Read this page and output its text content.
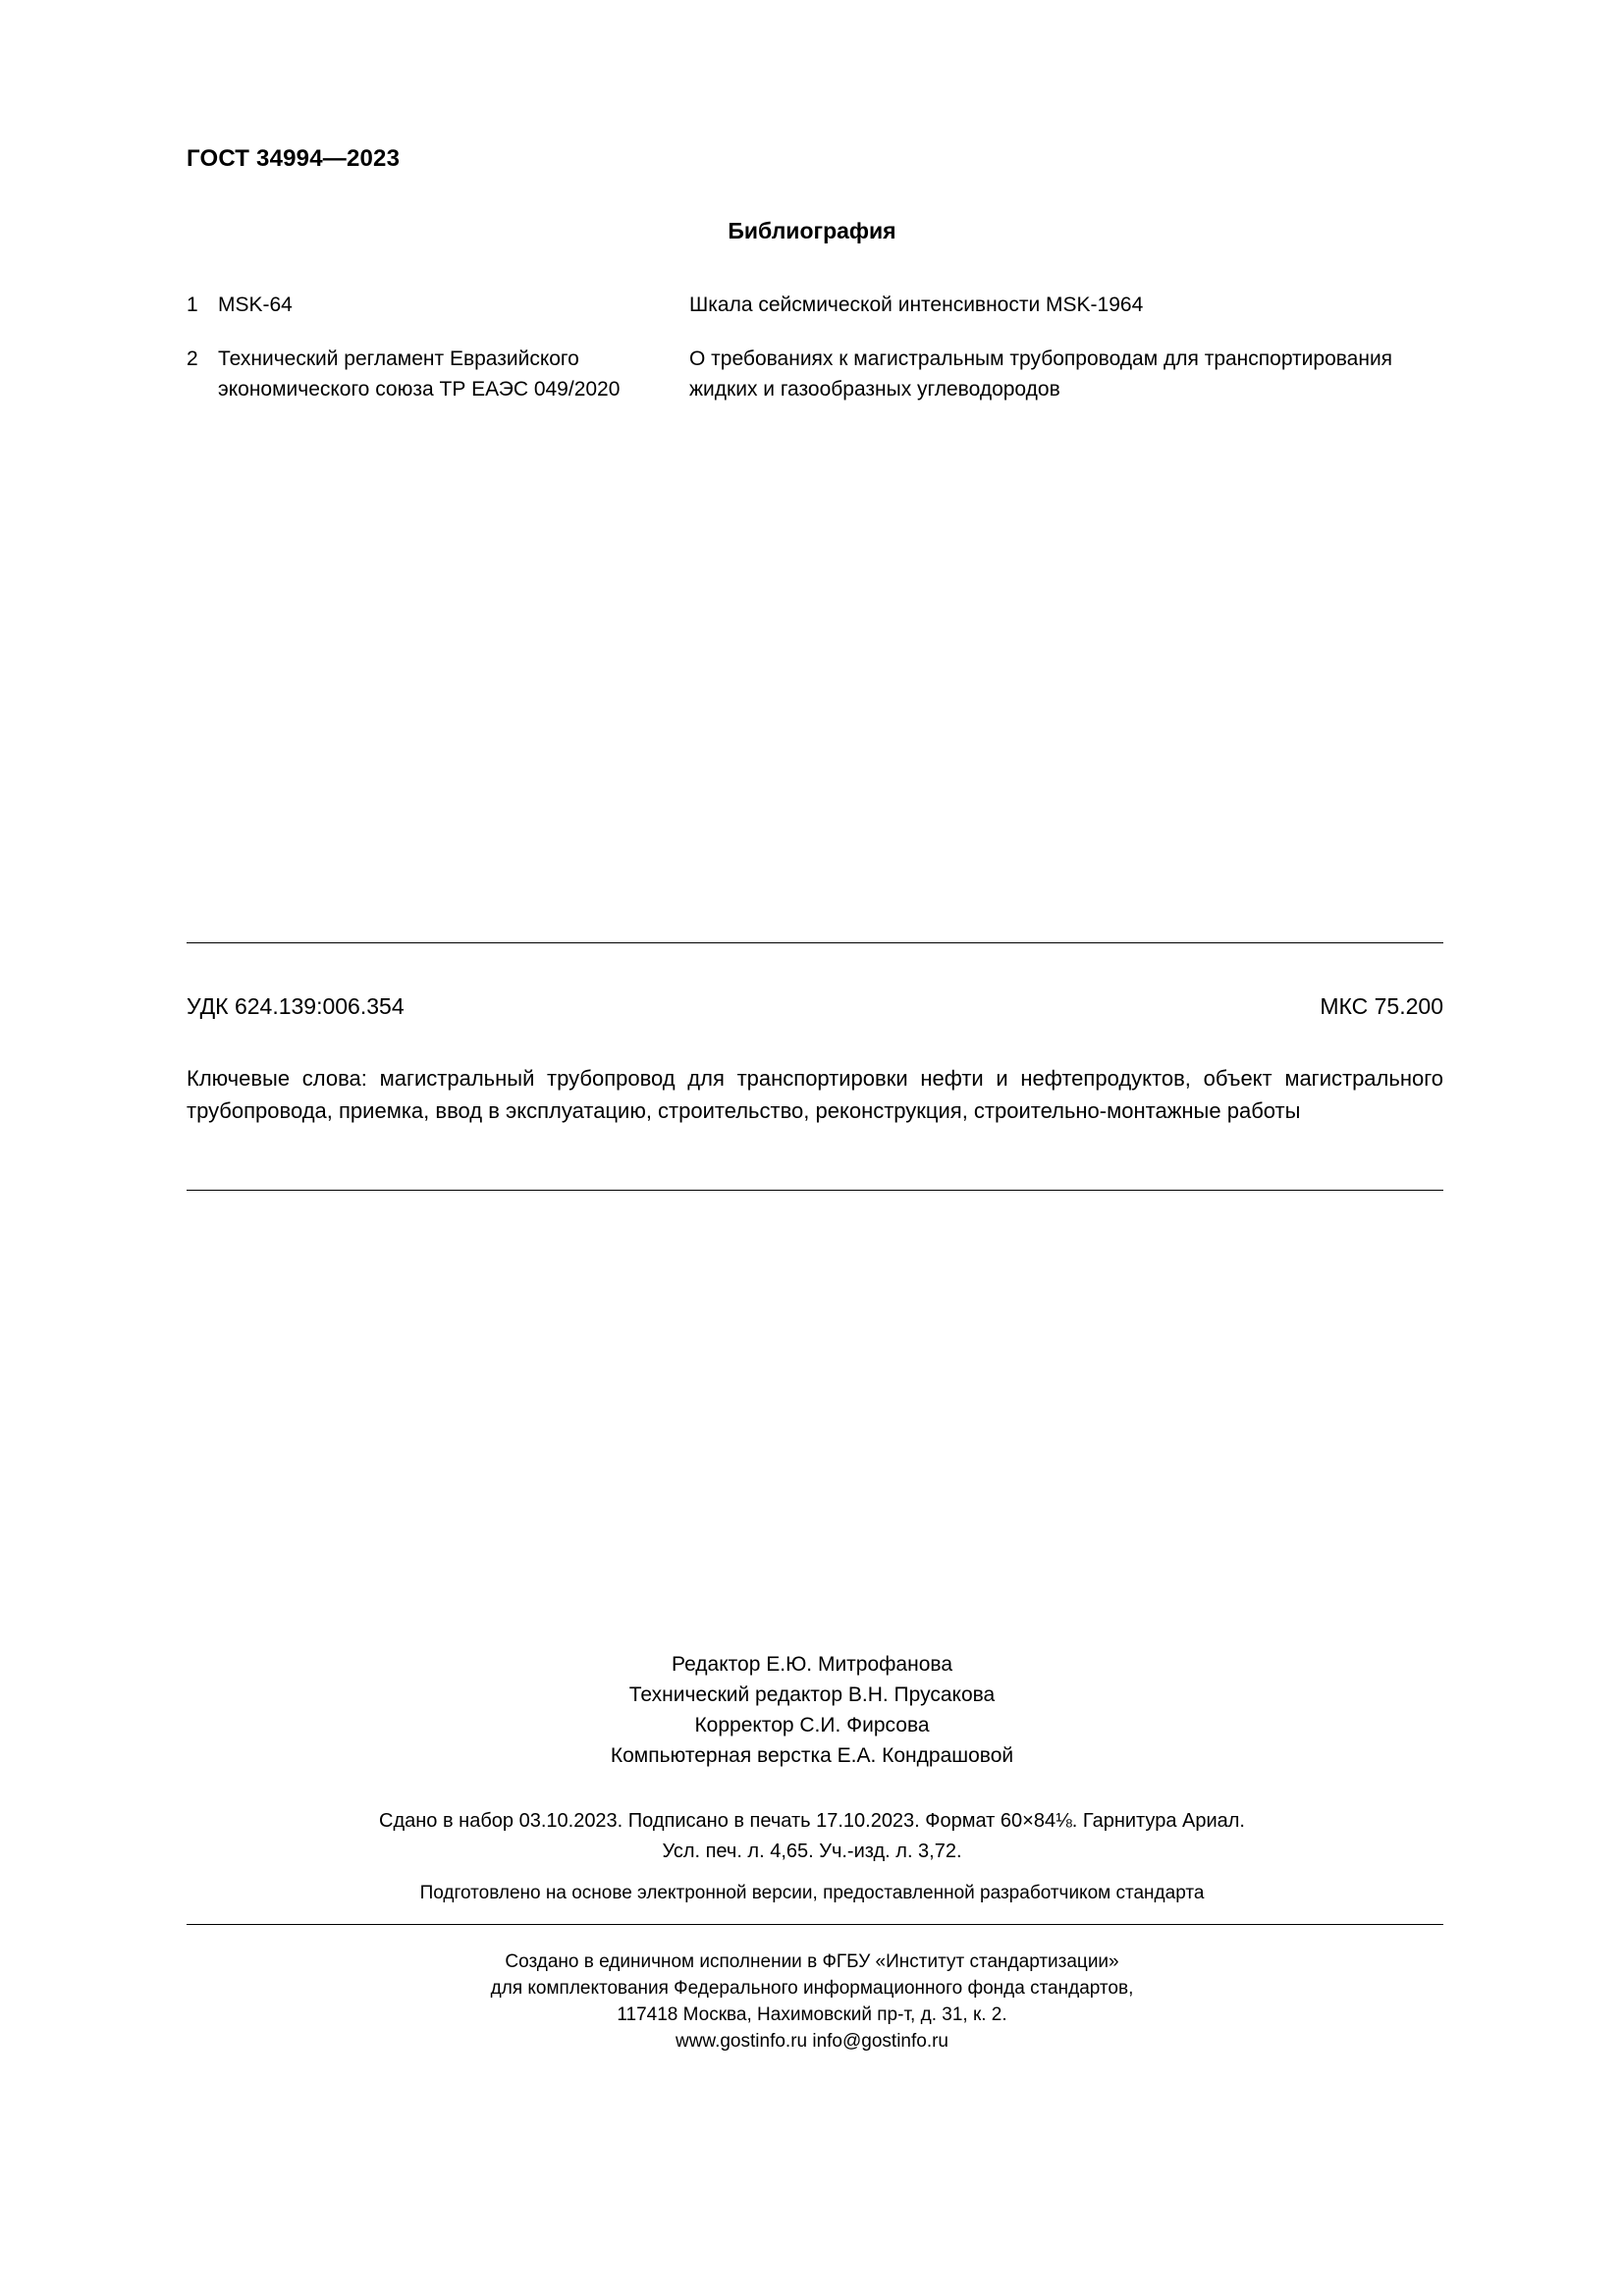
ГОСТ 34994—2023
Библиография
1 MSK-64	Шкала сейсмической интенсивности MSK-1964
2 Технический регламент Евразийского экономического союза ТР ЕАЭС 049/2020
О требованиях к магистральным трубопроводам для транспортирования жидких и газообразных углеводородов
УДК 624.139:006.354	МКС 75.200
Ключевые слова: магистральный трубопровод для транспортировки нефти и нефтепродуктов, объект магистрального трубопровода, приемка, ввод в эксплуатацию, строительство, реконструкция, строительно-монтажные работы
Редактор Е.Ю. Митрофанова
Технический редактор В.Н. Прусакова
Корректор С.И. Фирсова
Компьютерная верстка Е.А. Кондрашовой
Сдано в набор 03.10.2023. Подписано в печать 17.10.2023. Формат 60×84⅛. Гарнитура Ариал.
Усл. печ. л. 4,65. Уч.-изд. л. 3,72.
Подготовлено на основе электронной версии, предоставленной разработчиком стандарта
Создано в единичном исполнении в ФГБУ «Институт стандартизации»
для комплектования Федерального информационного фонда стандартов,
117418 Москва, Нахимовский пр-т, д. 31, к. 2.
www.gostinfo.ru info@gostinfo.ru
